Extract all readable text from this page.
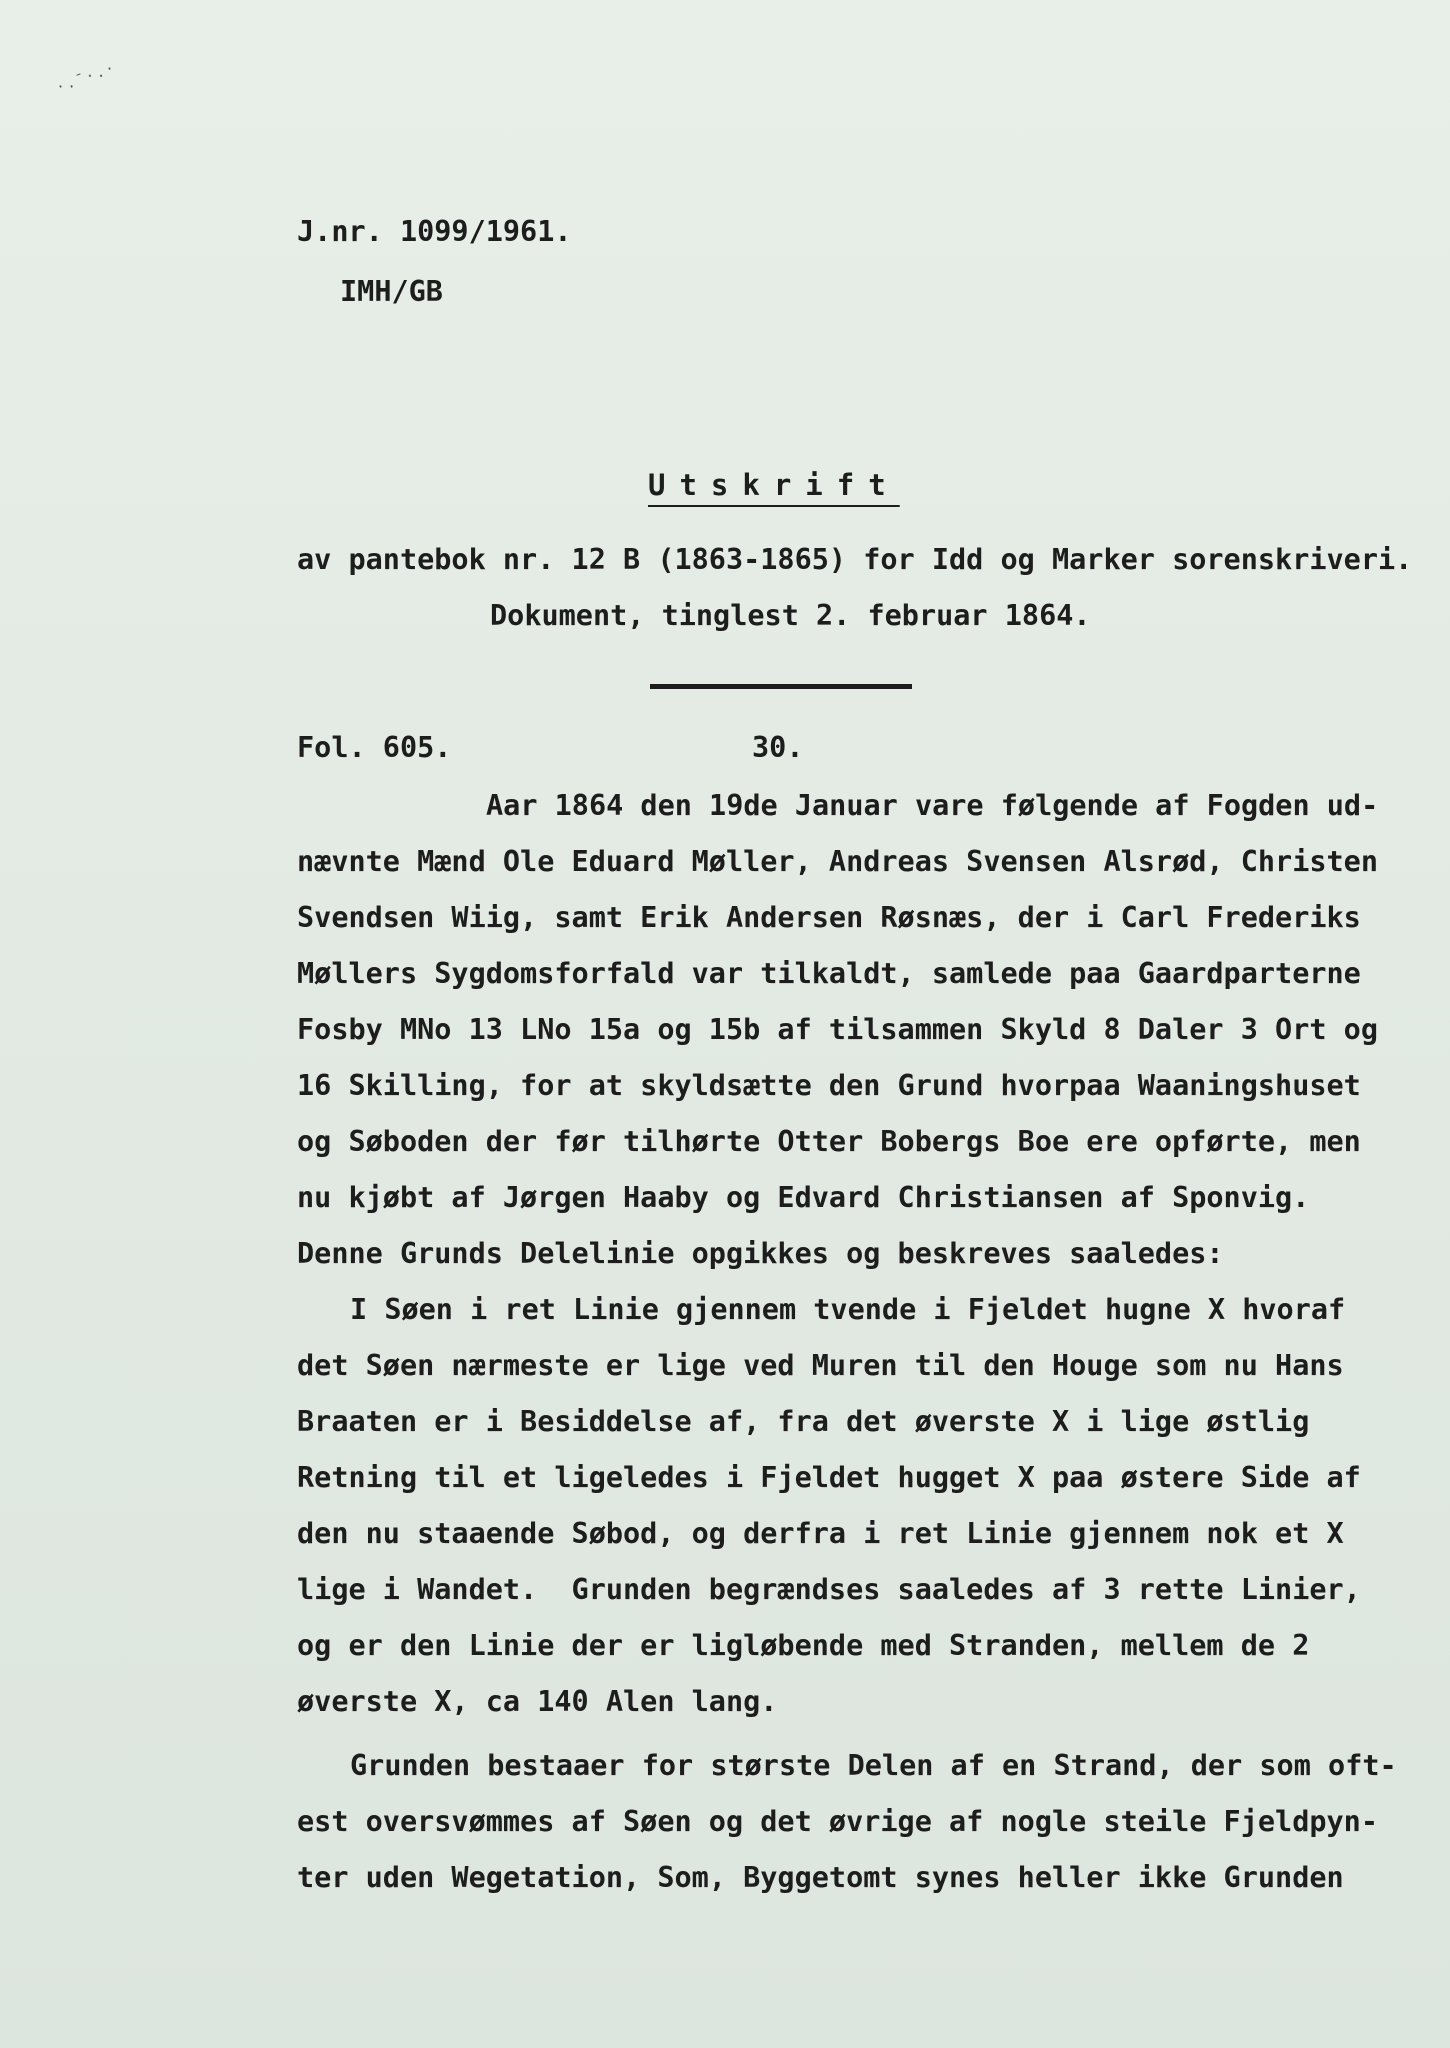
·.ˉ·.·
J.nr. 1099/1961.
IMH/GB
Utskrift
av pantebok nr. 12 B (1863-1865) for Idd og Marker sorenskriveri.
Dokument, tinglest 2. februar 1864.
Fol. 605.	30.
Aar 1864 den 19de Januar vare følgende af Fogden ud-
nævnte Mænd Ole Eduard Møller, Andreas Svensen Alsrød, Christen
Svendsen Wiig, samt Erik Andersen Røsnæs, der i Carl Frederiks
Møllers Sygdomsforfald var tilkaldt, samlede paa Gaardparterne
Fosby MNo 13 LNo 15a og 15b af tilsammen Skyld 8 Daler 3 Ort og
16 Skilling, for at skyldsætte den Grund hvorpaa Waaningshuset
og Søboden der før tilhørte Otter Bobergs Boe ere opførte, men
nu kjøbt af Jørgen Haaby og Edvard Christiansen af Sponvig.
Denne Grunds Delelinie opgikkes og beskreves saaledes:
I Søen i ret Linie gjennem tvende i Fjeldet hugne X hvoraf
det Søen nærmeste er lige ved Muren til den Houge som nu Hans
Braaten er i Besiddelse af, fra det øverste X i lige østlig
Retning til et ligeledes i Fjeldet hugget X paa østere Side af
den nu staaende Søbod, og derfra i ret Linie gjennem nok et X
lige i Wandet.  Grunden begrændses saaledes af 3 rette Linier,
og er den Linie der er ligløbende med Stranden, mellem de 2
øverste X, ca 140 Alen lang.
Grunden bestaaer for største Delen af en Strand, der som oft-
est oversvømmes af Søen og det øvrige af nogle steile Fjeldpyn-
ter uden Wegetation, Som, Byggetomt synes heller ikke Grunden
